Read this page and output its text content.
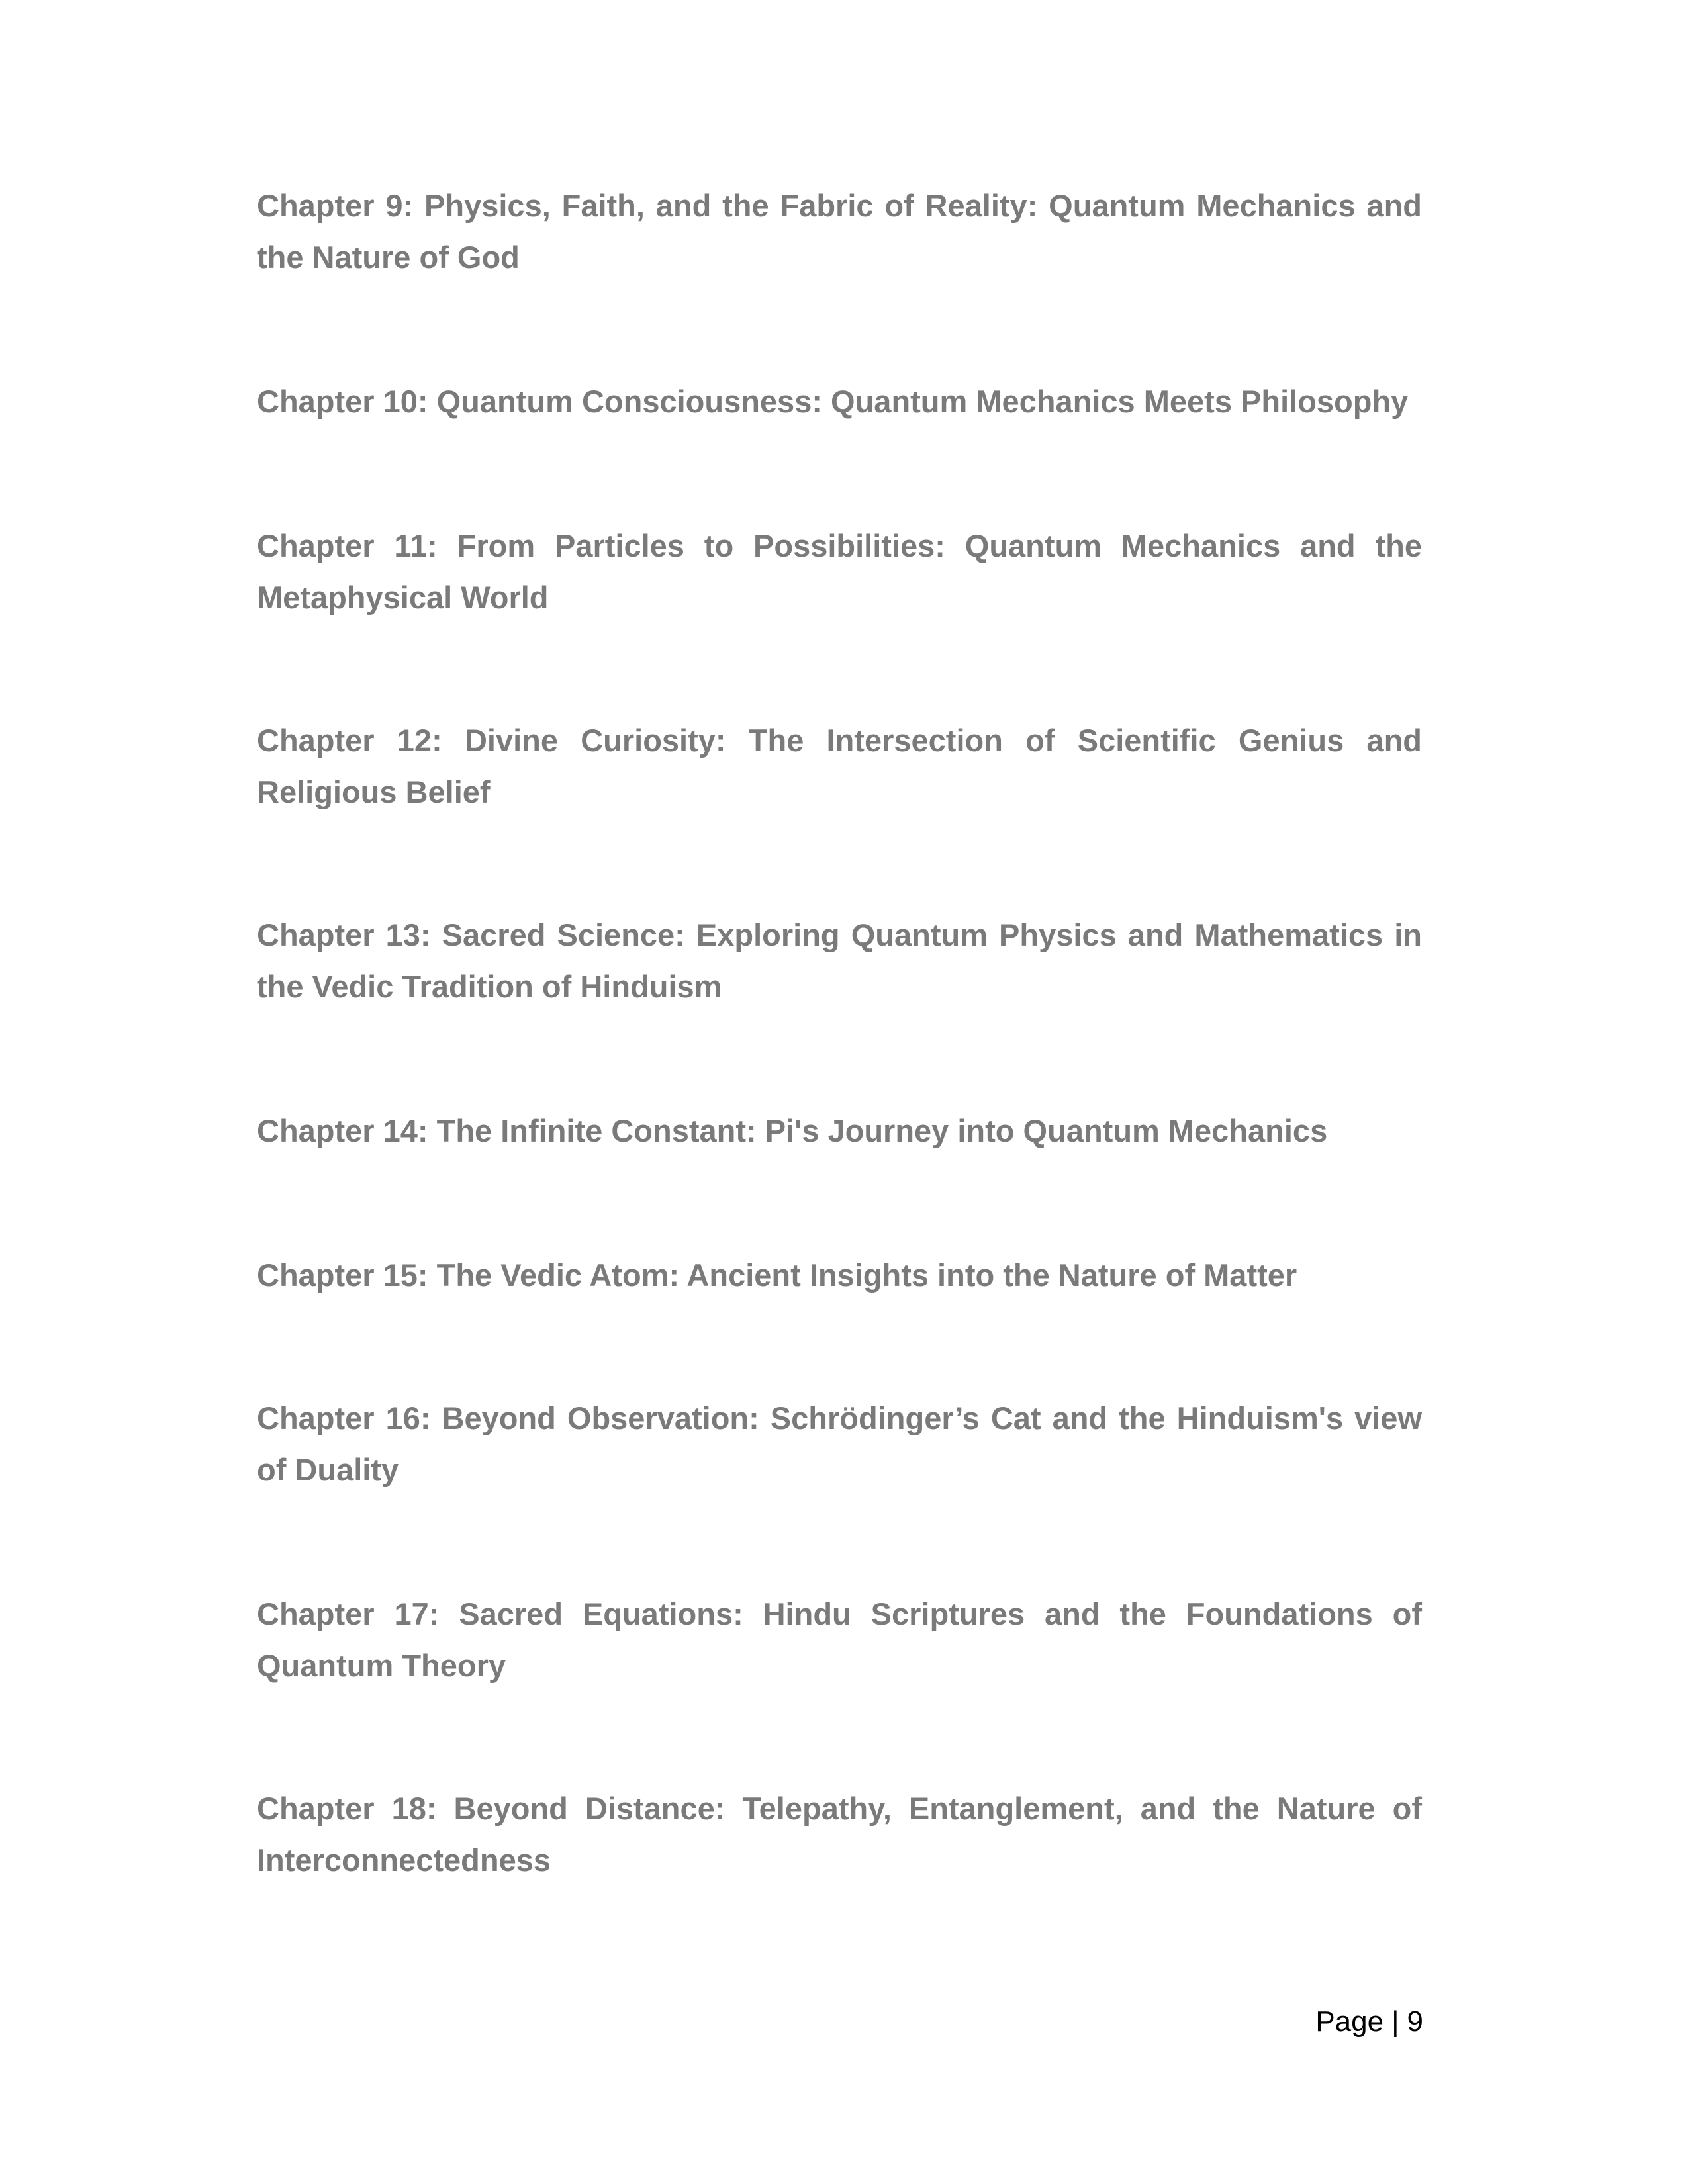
Chapter 9: Physics, Faith, and the Fabric of Reality: Quantum Mechanics and the Nature of God

Chapter 10: Quantum Consciousness: Quantum Mechanics Meets Philosophy

Chapter 11: From Particles to Possibilities: Quantum Mechanics and the Metaphysical World

Chapter 12: Divine Curiosity: The Intersection of Scientific Genius and Religious Belief

Chapter 13: Sacred Science: Exploring Quantum Physics and Mathematics in the Vedic Tradition of Hinduism

Chapter 14: The Infinite Constant: Pi's Journey into Quantum Mechanics

Chapter 15: The Vedic Atom: Ancient Insights into the Nature of Matter

Chapter 16: Beyond Observation: Schrödinger’s Cat and the Hinduism's view of Duality

Chapter 17: Sacred Equations: Hindu Scriptures and the Foundations of Quantum Theory

Chapter 18: Beyond Distance: Telepathy, Entanglement, and the Nature of Interconnectedness

Page | 9
